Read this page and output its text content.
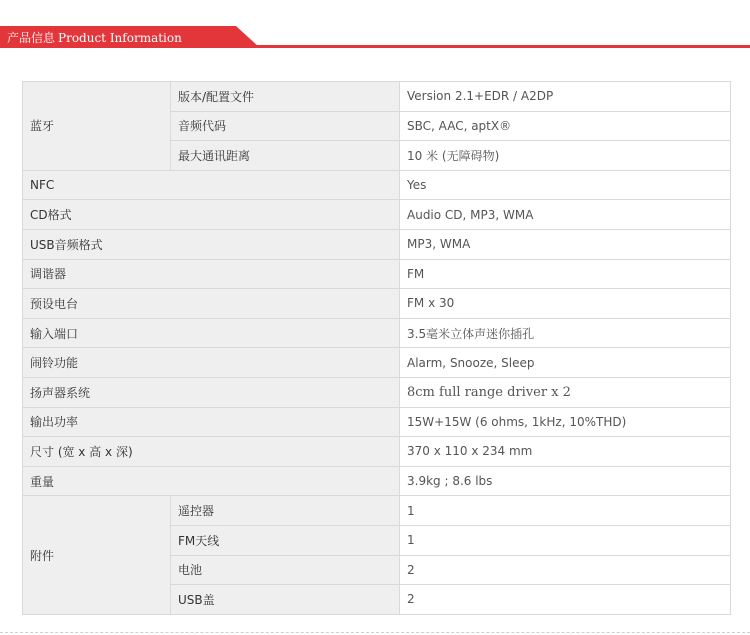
产品信息 Product Information
蓝牙	版本/配置文件	Version 2.1+EDR / A2DP
	音频代码	SBC, AAC, aptX®
	最大通讯距离	10 米 (无障碍物)
NFC		Yes
CD格式		Audio CD, MP3, WMA
USB音频格式		MP3, WMA
调谐器		FM
预设电台		FM x 30
输入端口		3.5毫米立体声迷你插孔
闹铃功能		Alarm, Snooze, Sleep
扬声器系统		8cm full range driver x 2
输出功率		15W+15W (6 ohms, 1kHz, 10%THD)
尺寸 (宽 x 高 x 深)		370 x 110 x 234 mm
重量		3.9kg ; 8.6 lbs
附件	遥控器	1
	FM天线	1
	电池	2
	USB盖	2
